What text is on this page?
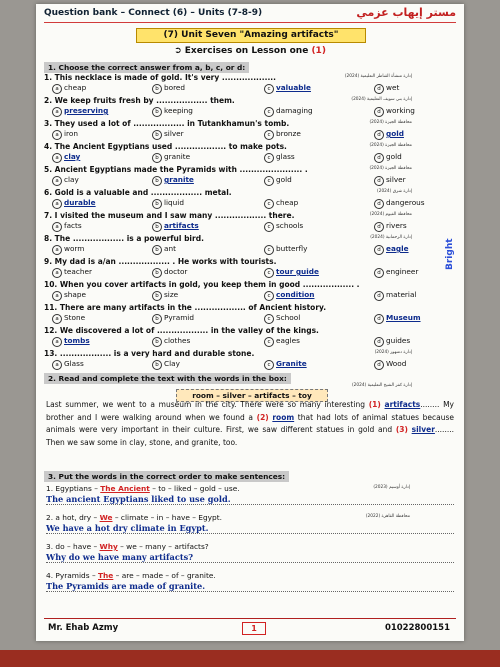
Question bank – Connect (6) – Units (7-8-9)	مستر إيهاب عزمي
(7) Unit Seven "Amazing artifacts"
➲ Exercises on Lesson one (1)
1. Choose the correct answer from a, b, c, or d:
1. This necklace is made of gold. It's very ...................	(2024) إدارة منشأة القناطر التعليمية
a cheap	b bored	c valuable	d wet
2. We keep fruits fresh by .................. them.	(2024) إدارة بني سويف التعليمية
a preserving	b keeping	c damaging	d working
3. They used a lot of .................. in Tutankhamun's tomb.	(2024) محافظة الجيزة
a iron	b silver	c bronze	d gold
4. The Ancient Egyptians used .................. to make pots.	(2024) محافظة الجيزة
a clay	b granite	c glass	d gold
5. Ancient Egyptians made the Pyramids with ...................... .	(2024) محافظة الجيزة
a clay	b granite	c gold	d silver
6. Gold is a valuable and .................. metal.	(2024) إدارة شرق
a durable	b liquid	c cheap	d dangerous
7. I visited the museum and I saw many .................. there.	(2024) محافظة الفيوم
a facts	b artifacts	c schools	d rivers
8. The .................. is a powerful bird.	(2024) إدارة الرحمانية
a worm	b ant	c butterfly	d eagle
9. My dad is a/an .................. . He works with tourists.
a teacher	b doctor	c tour guide	d engineer
10. When you cover artifacts in gold, you keep them in good .................. .
a shape	b size	c condition	d material
11. There are many artifacts in the .................. of Ancient history.
a Stone	b Pyramid	c School	d Museum
12. We discovered a lot of .................. in the valley of the kings.
a tombs	b clothes	c eagles	d guides
13. .................. is a very hard and durable stone.	(2024) إدارة دمنهور
a Glass	b Clay	c Granite	d Wood
2. Read and complete the text with the words in the box:
(2024) إدارة كفر الشيخ التعليمية
room – silver – artifacts – toy
Last summer, we went to a museum in the city. There were so many interesting (1) artifacts........ My brother and I were walking around when we found a (2) room that had lots of animal statues because animals were very important in their culture. First, we saw different statues in gold and (3) silver........ Then we saw some in clay, stone, and granite, too.
3. Put the words in the correct order to make sentences:
1. Egyptians – The Ancient – to – liked – gold – use.	(2023) إدارة أوسيم
The ancient Egyptians liked to use gold.
2. a hot, dry – We – climate – in – have – Egypt.	(2022) محافظة القاهرة
We have a hot dry climate in Egypt.
3. do – have – Why – we – many – artifacts?
Why do we have many artifacts?
4. Pyramids – The – are – made – of – granite.
The Pyramids are made of granite.
Mr. Ehab Azmy	1	01022800151
Bright
